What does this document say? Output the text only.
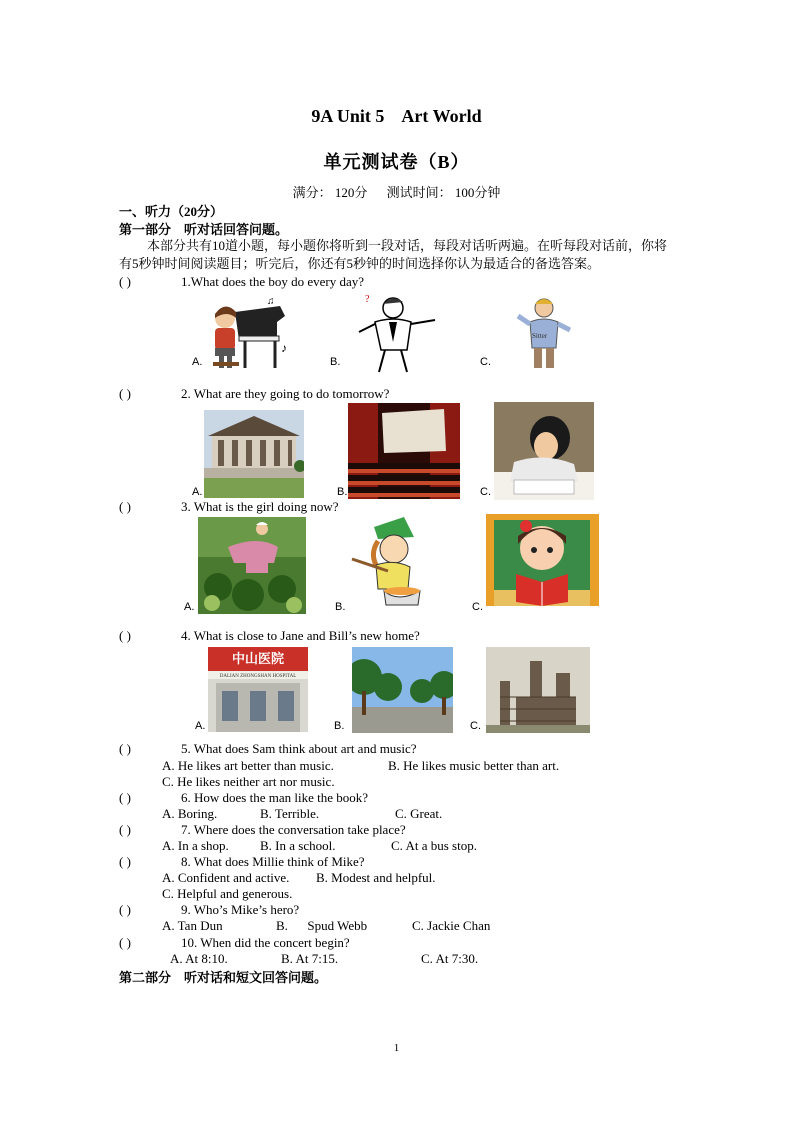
9A Unit 5    Art World
单元测试卷（B）
满分： 120分 测试时间： 100分钟
一、听力（20分）
第一部分    听对话回答问题。
本部分共有10道小题，每小题你将听到一段对话，每段对话听两遍。在听每段对话前，你将有5秒钟时间阅读题目；听完后，你还有5秒钟的时间选择你认为最适合的备选答案。
( )	1.What does the boy do every day?
A.	B.	C.
♪
♫	?
Sitter
( )	2. What are they going to do tomorrow?
A.	B.	C.
( )	3. What is the girl doing now?
A.	B.	C.
( )	4. What is close to Jane and Bill’s new home?
A.	B.	C.
中山医院
DALIAN ZHONGSHAN HOSPITAL
( )	5. What does Sam think about art and music?
A. He likes art better than music.	B. He likes music better than art.
C. He likes neither art nor music.
( )	6. How does the man like the book?
A. Boring.	B. Terrible.	C. Great.
( )	7. Where does the conversation take place?
A. In a shop. B. In a school.	C. At a bus stop.
( )	8. What does Millie think of Mike?
A. Confident and active. B. Modest and helpful.
C. Helpful and generous.
( )	9. Who’s Mike’s hero?
A. Tan Dun	B.      Spud Webb	C. Jackie Chan
( )	10. When did the concert begin?
A. At 8:10.	B. At 7:15.	C. At 7:30.
第二部分    听对话和短文回答问题。
1
